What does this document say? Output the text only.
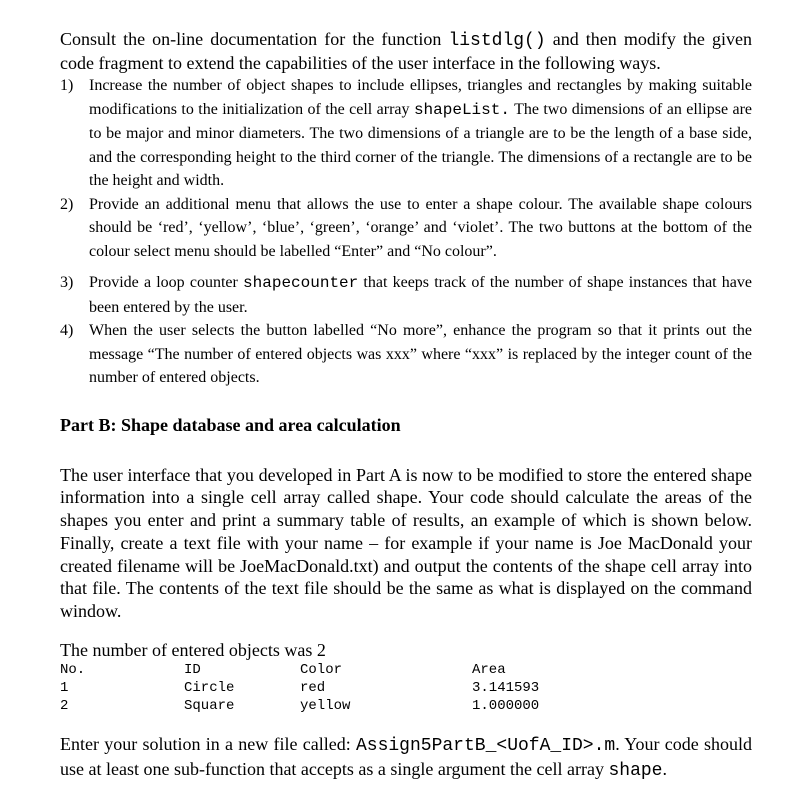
Consult the on-line documentation for the function listdlg() and then modify the given code fragment to extend the capabilities of the user interface in the following ways.

1) Increase the number of object shapes to include ellipses, triangles and rectangles by making suitable modifications to the initialization of the cell array shapeList. The two dimensions of an ellipse are to be major and minor diameters. The two dimensions of a triangle are to be the length of a base side, and the corresponding height to the third corner of the triangle. The dimensions of a rectangle are to be the height and width.
2) Provide an additional menu that allows the use to enter a shape colour. The available shape colours should be ‘red’, ‘yellow’, ‘blue’, ‘green’, ‘orange’ and ‘violet’. The two buttons at the bottom of the colour select menu should be labelled “Enter” and “No colour”.
3) Provide a loop counter shapecounter that keeps track of the number of shape instances that have been entered by the user.
4) When the user selects the button labelled “No more”, enhance the program so that it prints out the message “The number of entered objects was xxx” where “xxx” is replaced by the integer count of the number of entered objects.
Part B: Shape database and area calculation

The user interface that you developed in Part A is now to be modified to store the entered shape information into a single cell array called shape. Your code should calculate the areas of the shapes you enter and print a summary table of results, an example of which is shown below. Finally, create a text file with your name – for example if your name is Joe MacDonald your created filename will be JoeMacDonald.txt) and output the contents of the shape cell array into that file. The contents of the text file should be the same as what is displayed on the command window.

The number of entered objects was 2
No.	ID	Color	Area
1	Circle	red	3.141593
2	Square	yellow	1.000000

Enter your solution in a new file called: Assign5PartB_<UofA_ID>.m. Your code should use at least one sub-function that accepts as a single argument the cell array shape.
